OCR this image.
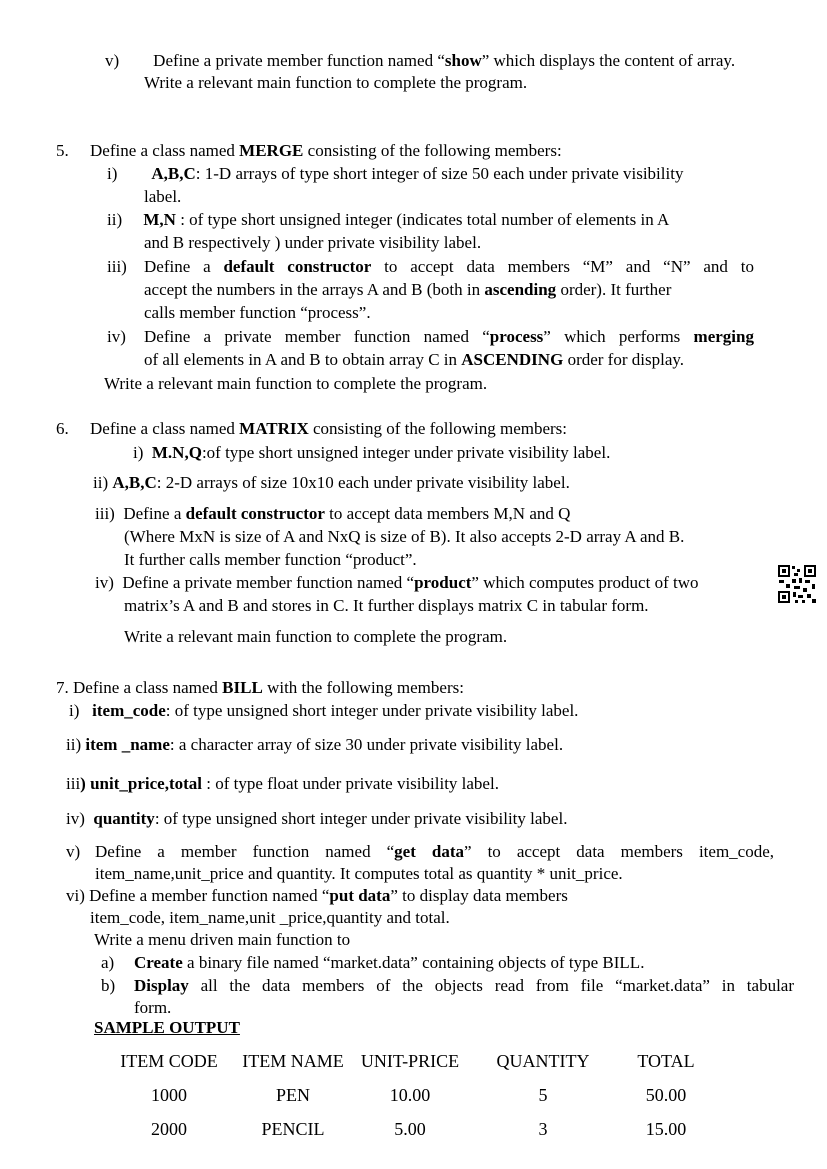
v)        Define a private member function named “show” which displays the content of array.
Write a relevant main function to complete the program.
5.     Define a class named MERGE consisting of the following members:
i)        A,B,C: 1-D arrays of type short integer of size 50 each under private visibility
label.
ii)     M,N : of type short unsigned integer (indicates total number of elements in A
and B respectively ) under private visibility label.
iii) Define a default constructor to accept data members “M” and “N” and to
accept the numbers in the arrays A and B (both in ascending order). It further
calls member function “process”.
iv) Define a private member function named “process” which performs merging
of all elements in A and B to obtain array C in ASCENDING order for display.
Write a relevant main function to complete the program.
6.     Define a class named MATRIX consisting of the following members:
i)  M.N,Q:of type short unsigned integer under private visibility label.
ii) A,B,C: 2-D arrays of size 10x10 each under private visibility label.
iii)  Define a default constructor to accept data members M,N and Q
(Where MxN is size of A and NxQ is size of B). It also accepts 2-D array A and B.
It further calls member function “product”.
iv)  Define a private member function named “product” which computes product of two
matrix’s A and B and stores in C. It further displays matrix C in tabular form.
Write a relevant main function to complete the program.
7. Define a class named BILL with the following members:
i)   item_code: of type unsigned short integer under private visibility label.
ii) item _name: a character array of size 30 under private visibility label.
iii) unit_price,total : of type float under private visibility label.
iv)  quantity: of type unsigned short integer under private visibility label.
v) Define a member function named “get data” to accept data members item_code,
item_name,unit_price and quantity. It computes total as quantity * unit_price.
vi) Define a member function named “put data” to display data members
item_code, item_name,unit _price,quantity and total.
Write a menu driven main function to
a) Create a binary file named “market.data” containing objects of type BILL.
b) Display all the data members of the objects read from file “market.data” in tabular
form.
SAMPLE OUTPUT
ITEM CODE	ITEM NAME	UNIT-PRICE	QUANTITY	TOTAL
1000	PEN	10.00	5	50.00
2000	PENCIL	5.00	3	15.00
